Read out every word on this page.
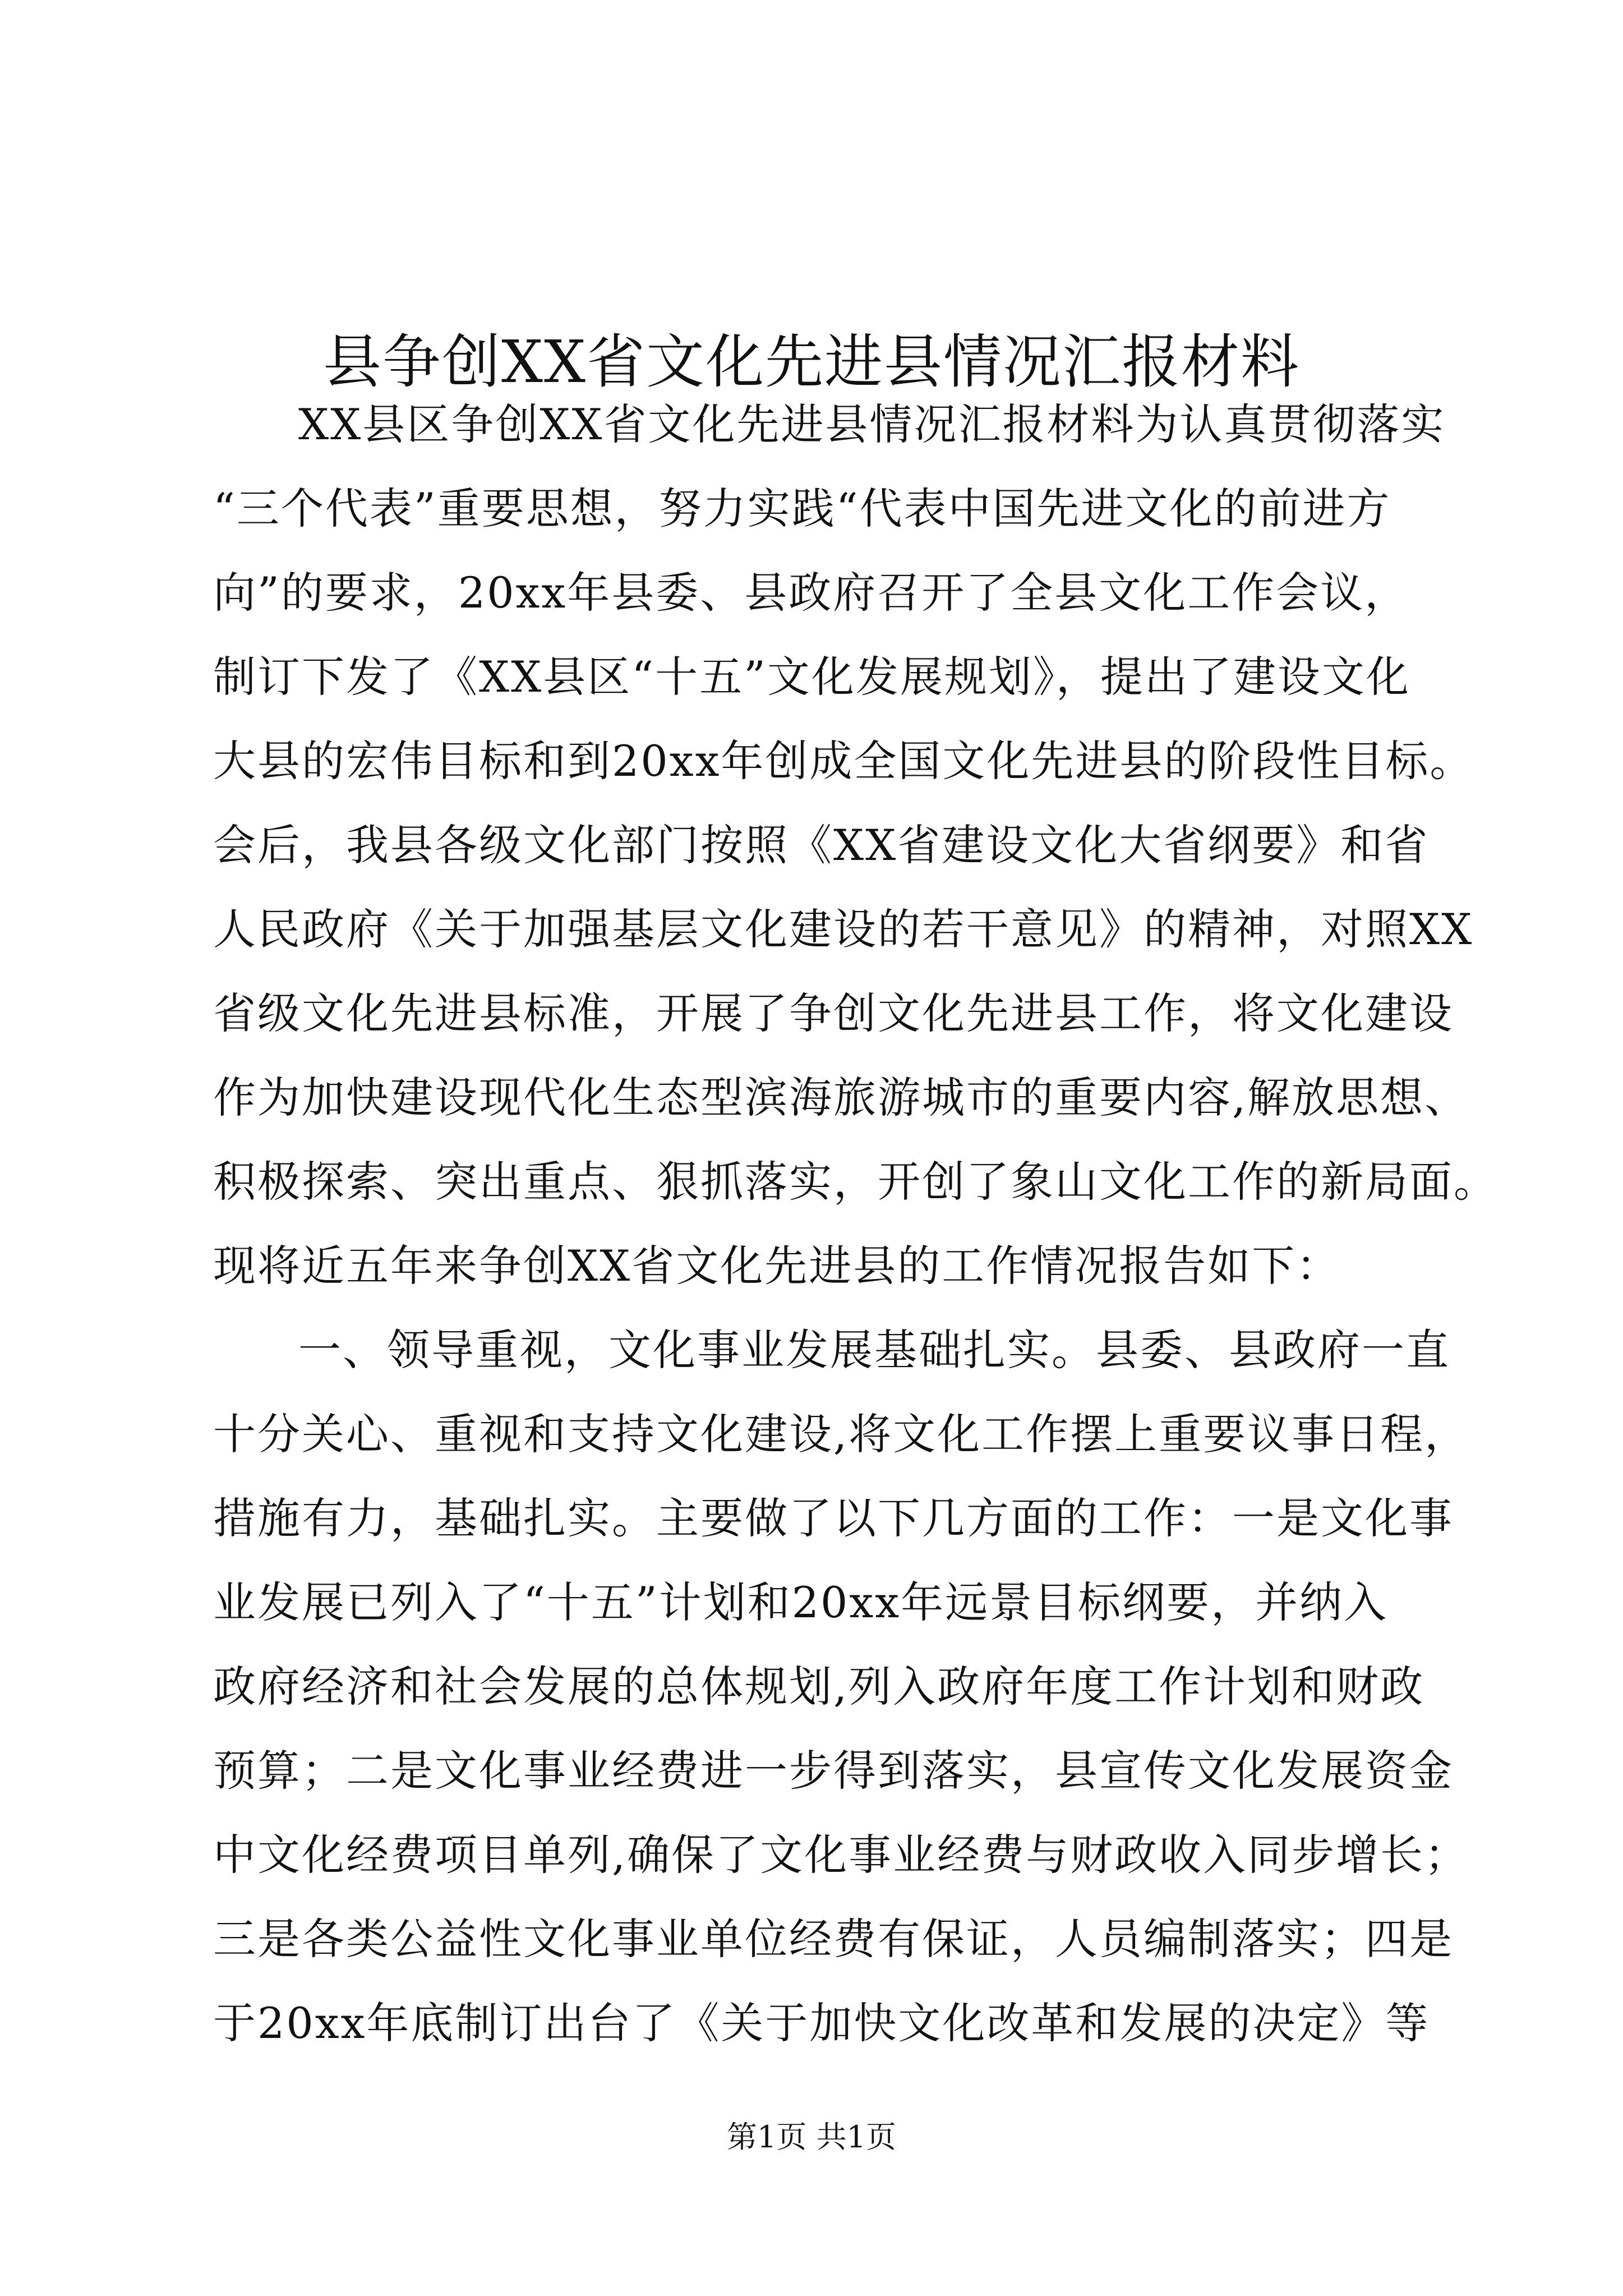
县争创XX省文化先进县情况汇报材料
XX县区争创XX省文化先进县情况汇报材料为认真贯彻落实
“三个代表”重要思想，努力实践“代表中国先进文化的前进方
向”的要求，20xx年县委、县政府召开了全县文化工作会议，
制订下发了《XX县区“十五”文化发展规划》，提出了建设文化
大县的宏伟目标和到20xx年创成全国文化先进县的阶段性目标。
会后，我县各级文化部门按照《XX省建设文化大省纲要》和省
人民政府《关于加强基层文化建设的若干意见》的精神，对照XX
省级文化先进县标准，开展了争创文化先进县工作，将文化建设
作为加快建设现代化生态型滨海旅游城市的重要内容,解放思想、
积极探索、突出重点、狠抓落实，开创了象山文化工作的新局面。
现将近五年来争创XX省文化先进县的工作情况报告如下：
一、领导重视，文化事业发展基础扎实。县委、县政府一直
十分关心、重视和支持文化建设,将文化工作摆上重要议事日程，
措施有力，基础扎实。主要做了以下几方面的工作：一是文化事
业发展已列入了“十五”计划和20xx年远景目标纲要，并纳入
政府经济和社会发展的总体规划,列入政府年度工作计划和财政
预算；二是文化事业经费进一步得到落实，县宣传文化发展资金
中文化经费项目单列,确保了文化事业经费与财政收入同步增长；
三是各类公益性文化事业单位经费有保证，人员编制落实；四是
于20xx年底制订出台了《关于加快文化改革和发展的决定》等
第1页 共1页
